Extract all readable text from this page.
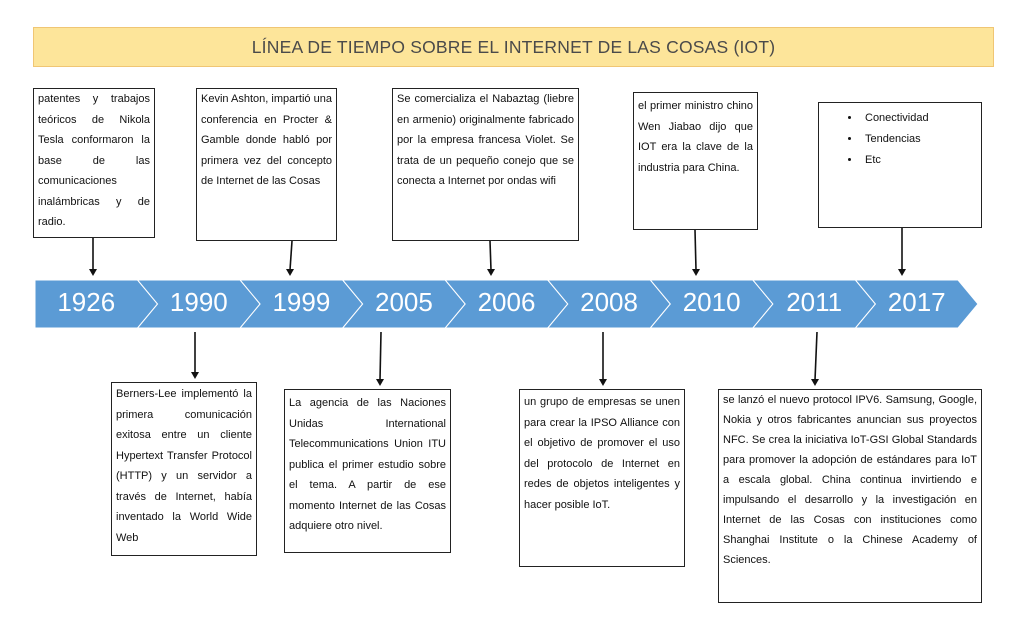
LÍNEA DE TIEMPO SOBRE EL INTERNET DE LAS COSAS (IOT)
patentes y trabajos teóricos de Nikola Tesla conformaron la base de las comunicaciones inalámbricas y de radio.
Kevin Ashton, impartió una conferencia en Procter & Gamble donde habló por primera vez del concepto de Internet de las Cosas
Se comercializa el Nabaztag (liebre en armenio) originalmente fabricado por la empresa francesa Violet. Se trata de un pequeño conejo que se conecta a Internet por ondas wifi
el primer ministro chino Wen Jiabao dijo que IOT era la clave de la industria para China.
• Conectividad
• Tendencias
• Etc
Berners-Lee implementó la primera comunicación exitosa entre un cliente Hypertext Transfer Protocol (HTTP) y un servidor a través de Internet, había inventado la World Wide Web
La agencia de las Naciones Unidas International Telecommunications Union ITU publica el primer estudio sobre el tema. A partir de ese momento Internet de las Cosas adquiere otro nivel.
un grupo de empresas se unen para crear la IPSO Alliance con el objetivo de promover el uso del protocolo de Internet en redes de objetos inteligentes y hacer posible IoT.
se lanzó el nuevo protocol IPV6. Samsung, Google, Nokia y otros fabricantes anuncian sus proyectos NFC. Se crea la iniciativa IoT-GSI Global Standards para promover la adopción de estándares para IoT a escala global. China continua invirtiendo e impulsando el desarrollo y la investigación en Internet de las Cosas con instituciones como Shanghai Institute o la Chinese Academy of Sciences.
1926	1990	1999	2005	2006	2008	2010	2011	2017
